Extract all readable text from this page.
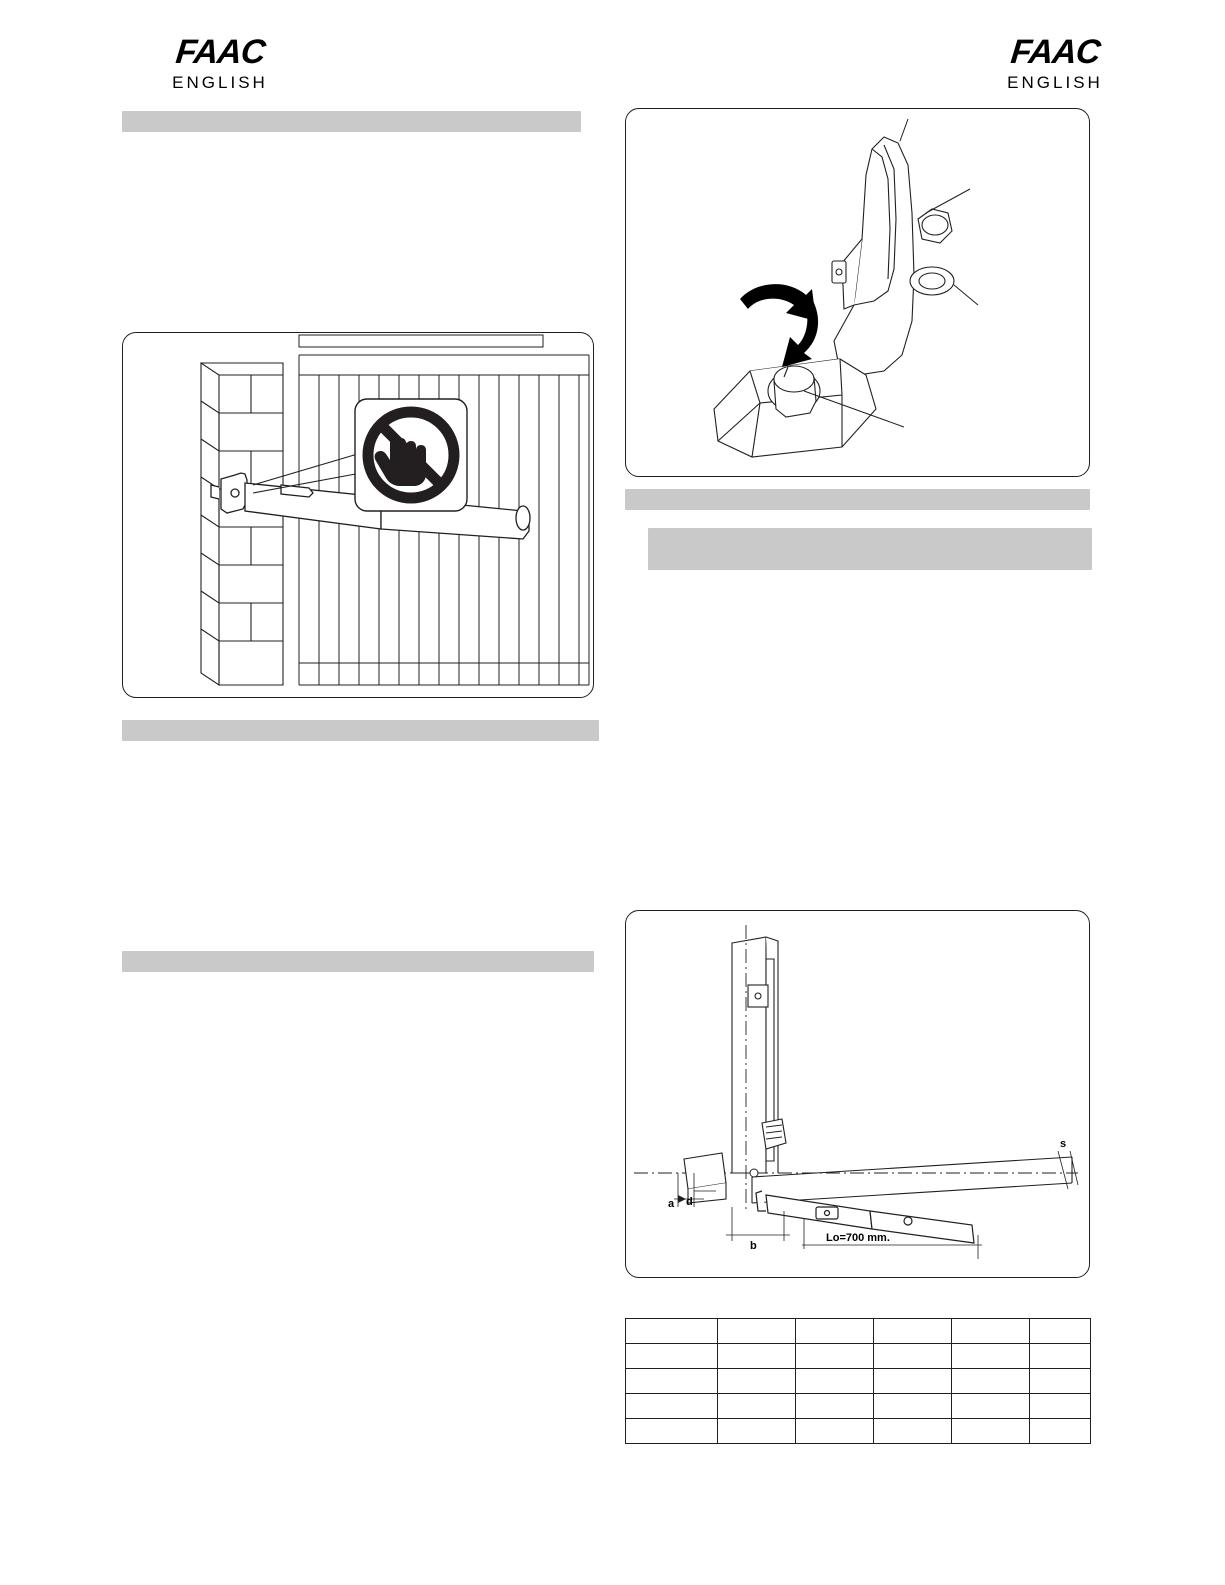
FAAC
ENGLISH
FAAC
ENGLISH
a d
b
s
Lo=700 mm.
